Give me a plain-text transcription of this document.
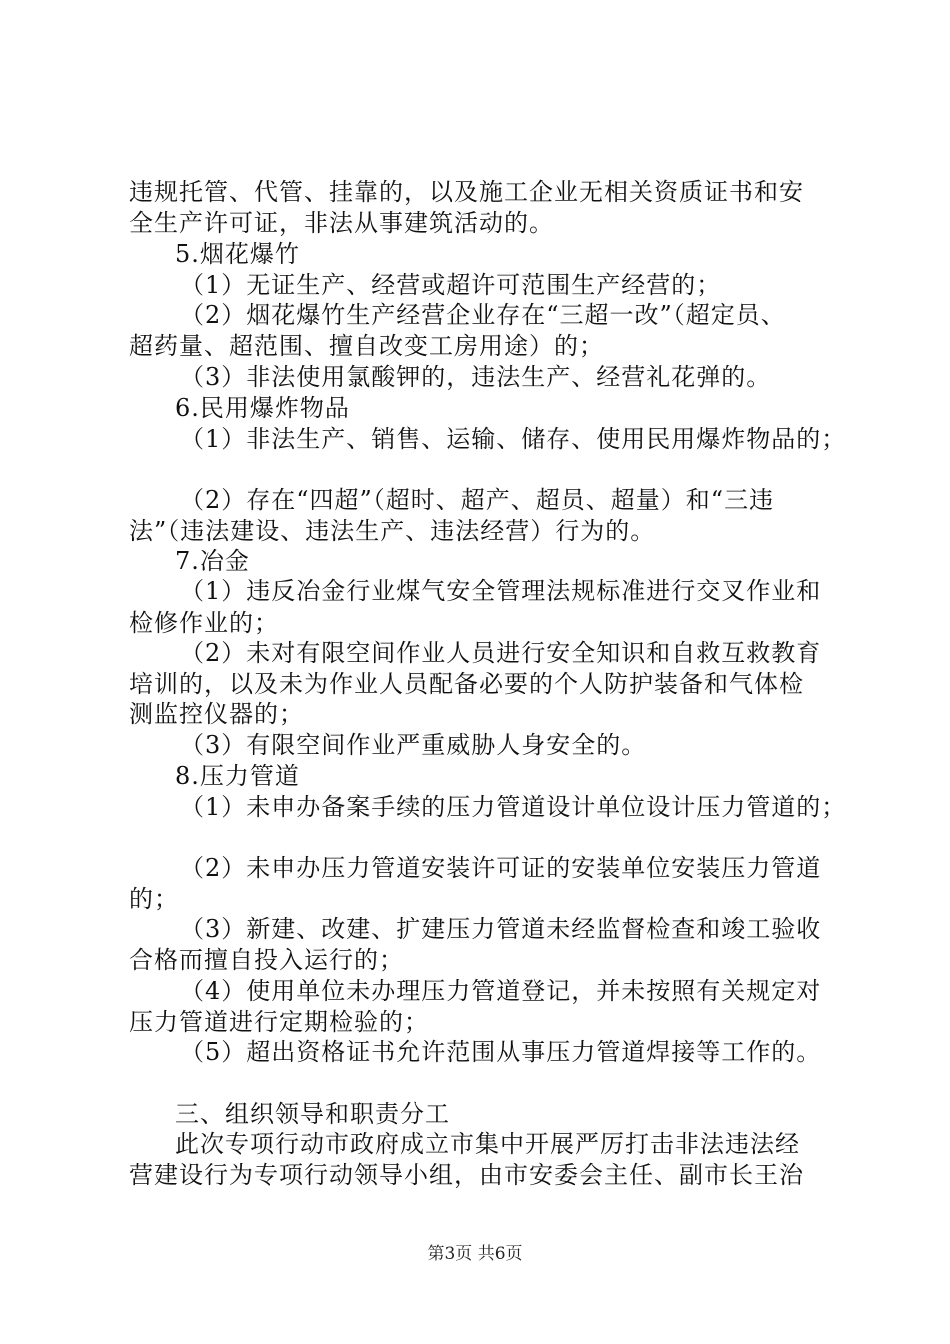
违规托管、代管、挂靠的，以及施工企业无相关资质证书和安
全生产许可证，非法从事建筑活动的。
5.烟花爆竹
（1）无证生产、经营或超许可范围生产经营的；
（2）烟花爆竹生产经营企业存在“三超一改”（超定员、
超药量、超范围、擅自改变工房用途）的；
（3）非法使用氯酸钾的，违法生产、经营礼花弹的。
6.民用爆炸物品
（1）非法生产、销售、运输、储存、使用民用爆炸物品的；
（2）存在“四超”（超时、超产、超员、超量）和“三违
法”（违法建设、违法生产、违法经营）行为的。
7.冶金
（1）违反冶金行业煤气安全管理法规标准进行交叉作业和
检修作业的；
（2）未对有限空间作业人员进行安全知识和自救互救教育
培训的，以及未为作业人员配备必要的个人防护装备和气体检
测监控仪器的；
（3）有限空间作业严重威胁人身安全的。
8.压力管道
（1）未申办备案手续的压力管道设计单位设计压力管道的；
（2）未申办压力管道安装许可证的安装单位安装压力管道
的；
（3）新建、改建、扩建压力管道未经监督检查和竣工验收
合格而擅自投入运行的；
（4）使用单位未办理压力管道登记，并未按照有关规定对
压力管道进行定期检验的；
（5）超出资格证书允许范围从事压力管道焊接等工作的。
三、组织领导和职责分工
此次专项行动市政府成立市集中开展严厉打击非法违法经
营建设行为专项行动领导小组，由市安委会主任、副市长王治
第3页 共6页
